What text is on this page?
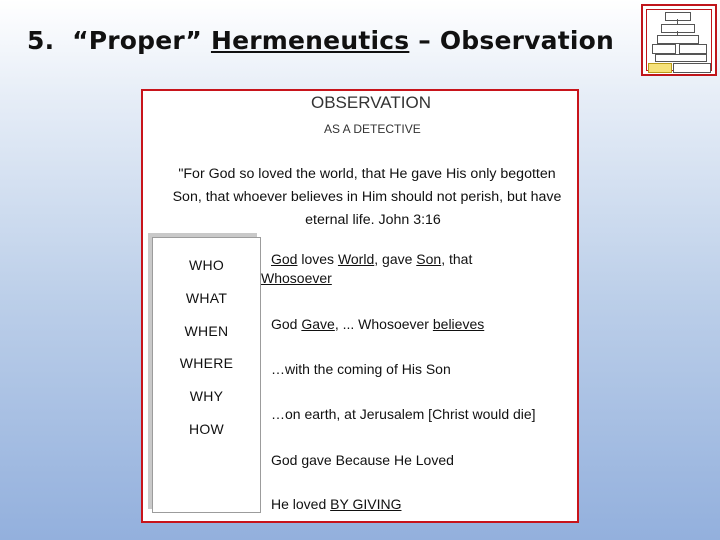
5. “Proper” Hermeneutics – Observation
OBSERVATION
AS A DETECTIVE
"For God so loved the world, that He gave His only begotten
Son, that whoever believes in Him should not perish, but have
eternal life. John 3:16
WHO
WHAT
WHEN
WHERE
WHY
HOW
God loves World, gave Son, that
Whosoever
God Gave, ... Whosoever believes
…with the coming of His Son
…on earth, at Jerusalem [Christ would die]
God gave Because He Loved
He loved BY GIVING
